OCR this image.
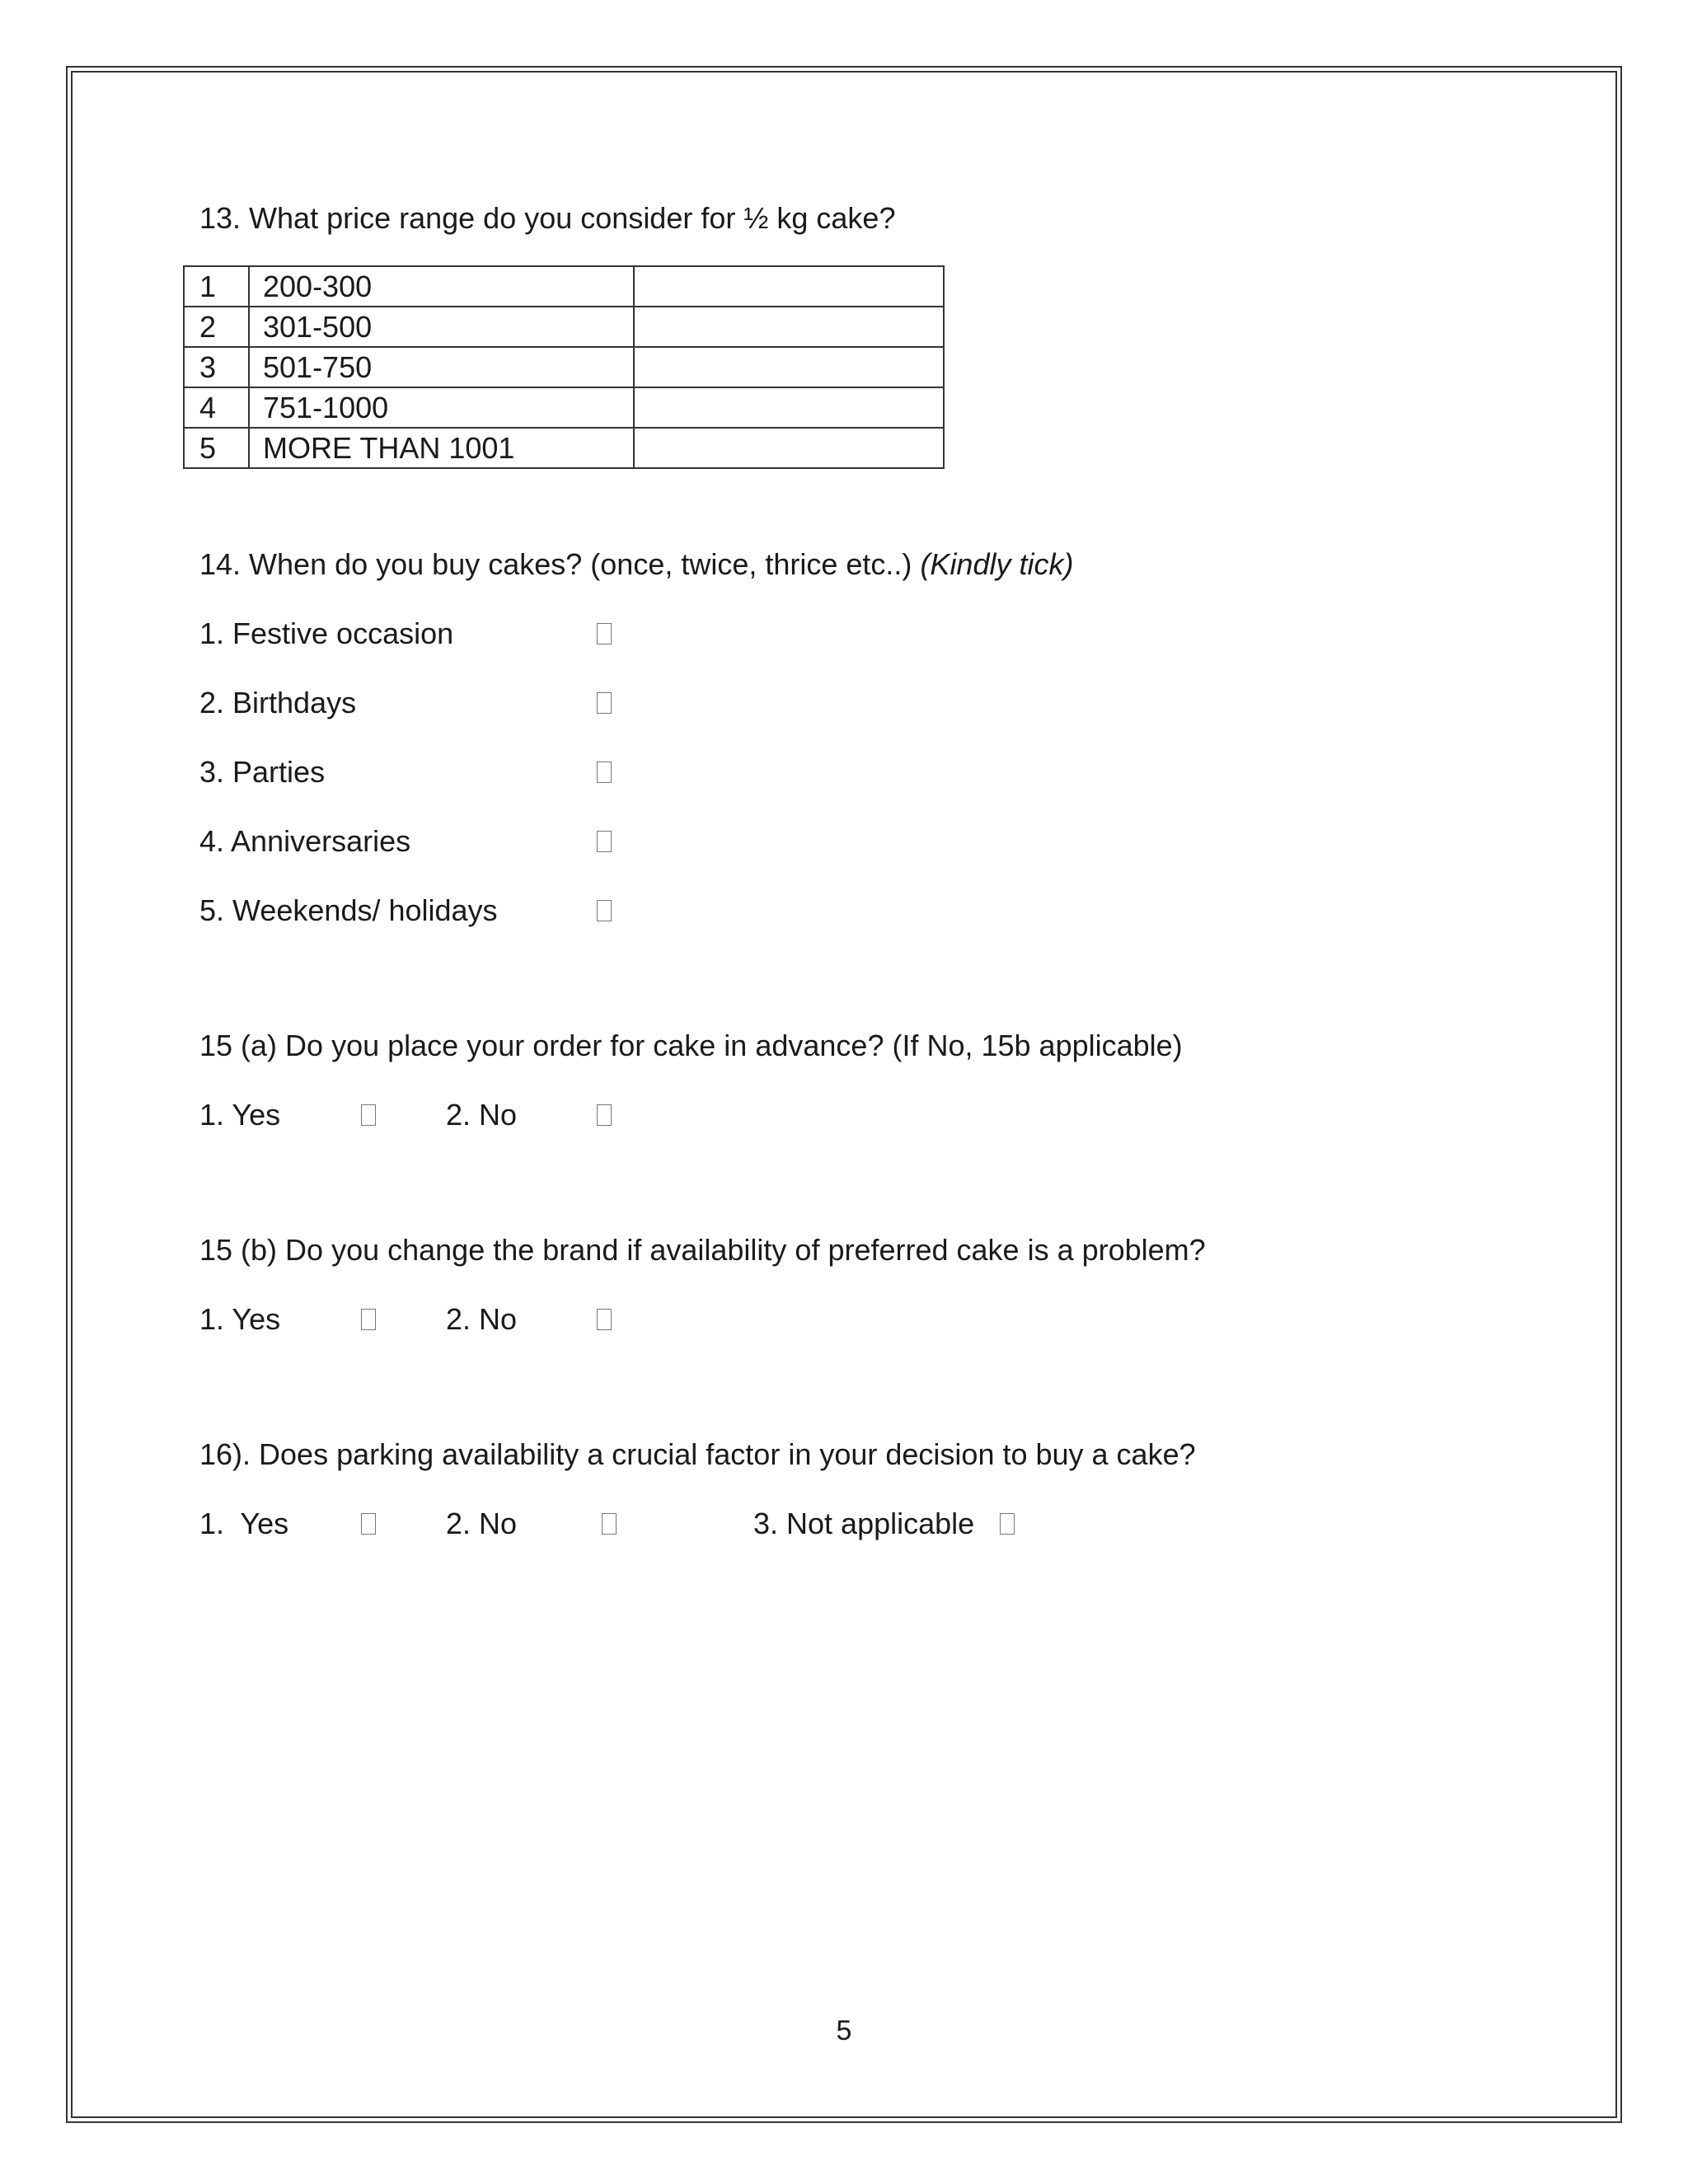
13. What price range do you consider for ½ kg cake?
1	200-300	
2	301-500	
3	501-750	
4	751-1000	
5	MORE THAN 1001	
14. When do you buy cakes? (once, twice, thrice etc..) (Kindly tick)
1. Festive occasion
2. Birthdays
3. Parties
4. Anniversaries
5. Weekends/ holidays
15 (a) Do you place your order for cake in advance? (If No, 15b applicable)
1. Yes	2. No
15 (b) Do you change the brand if availability of preferred cake is a problem?
1. Yes	2. No
16). Does parking availability a crucial factor in your decision to buy a cake?
1.  Yes	2. No	3. Not applicable
5
